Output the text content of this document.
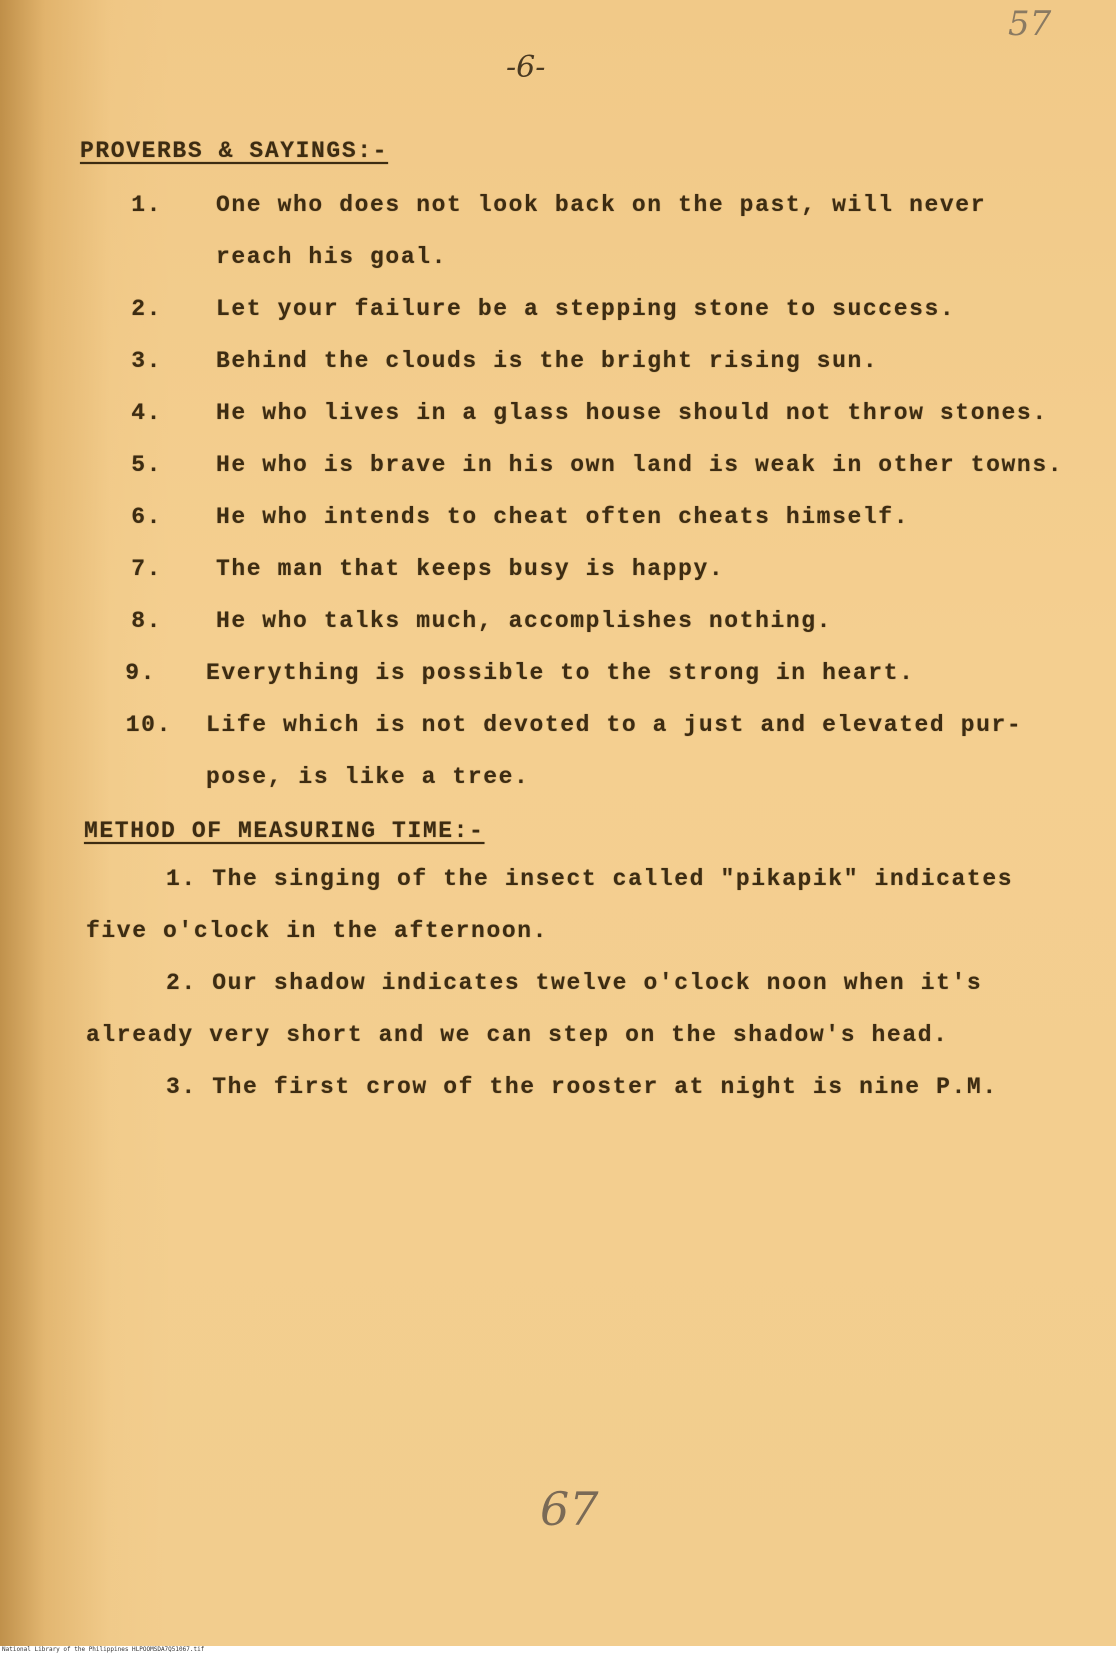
57
-6-
PROVERBS & SAYINGS:-
1. One who does not look back on the past, will never
reach his goal.
2. Let your failure be a stepping stone to success.
3. Behind the clouds is the bright rising sun.
4. He who lives in a glass house should not throw stones.
5. He who is brave in his own land is weak in other towns.
6. He who intends to cheat often cheats himself.
7. The man that keeps busy is happy.
8. He who talks much, accomplishes nothing.
9. Everything is possible to the strong in heart.
10. Life which is not devoted to a just and elevated pur-
pose, is like a tree.
METHOD OF MEASURING TIME:-
1. The singing of the insect called "pikapik" indicates
five o'clock in the afternoon.
2. Our shadow indicates twelve o'clock noon when it's
already very short and we can step on the shadow's head.
3. The first crow of the rooster at night is nine P.M.
67
National Library of the Philippines HLPOOMSDA7Q51067.tif
